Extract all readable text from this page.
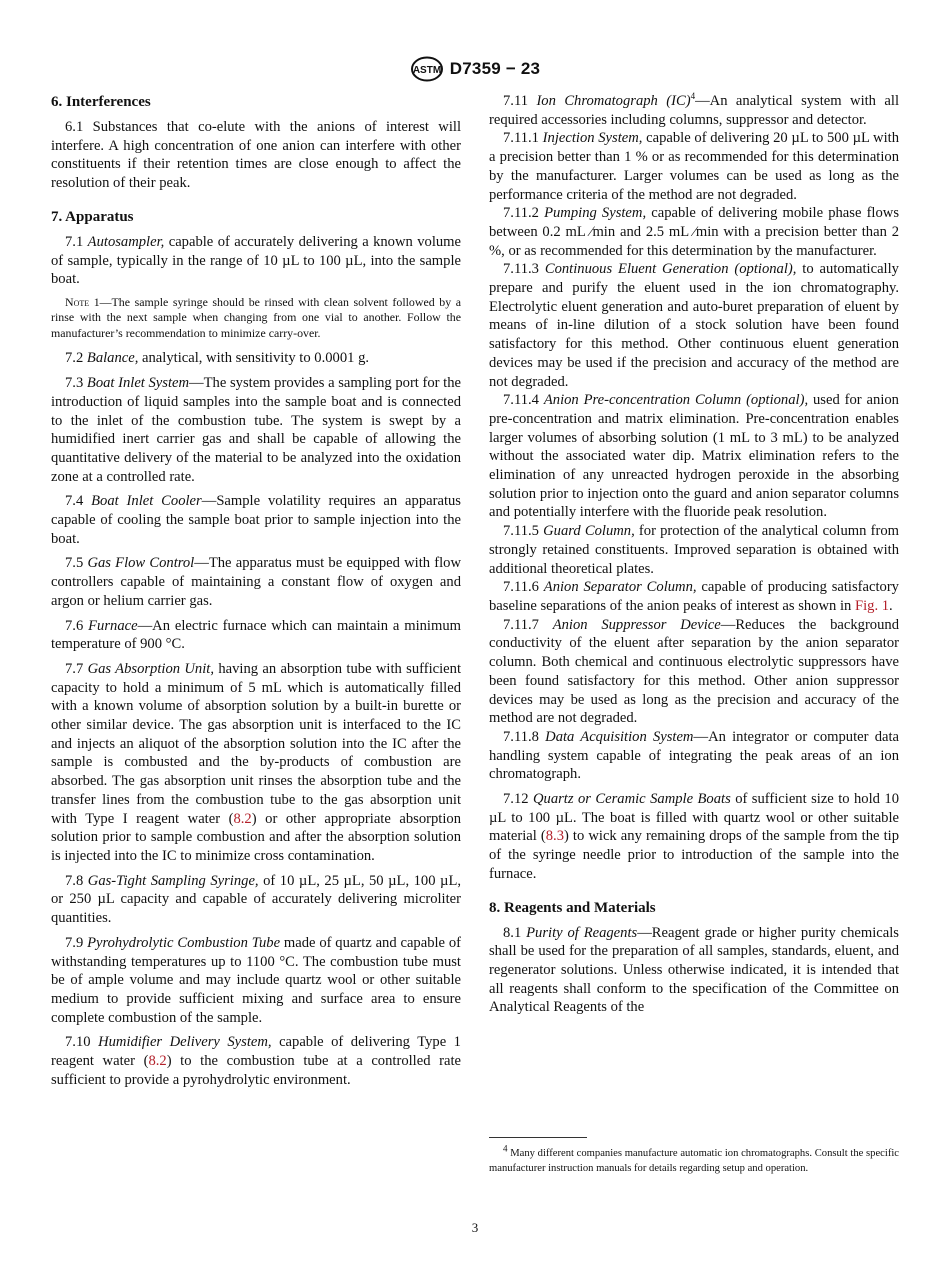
ASTM D7359 − 23
6. Interferences

6.1 Substances that co-elute with the anions of interest will interfere. A high concentration of one anion can interfere with other constituents if their retention times are close enough to affect the resolution of their peak.

7. Apparatus

7.1 Autosampler, capable of accurately delivering a known volume of sample, typically in the range of 10 µL to 100 µL, into the sample boat.

Note 1—The sample syringe should be rinsed with clean solvent followed by a rinse with the next sample when changing from one vial to another. Follow the manufacturer’s recommendation to minimize carry-over.

7.2 Balance, analytical, with sensitivity to 0.0001 g.

7.3 Boat Inlet System—The system provides a sampling port for the introduction of liquid samples into the sample boat and is connected to the inlet of the combustion tube. The system is swept by a humidified inert carrier gas and shall be capable of allowing the quantitative delivery of the material to be analyzed into the oxidation zone at a controlled rate.

7.4 Boat Inlet Cooler—Sample volatility requires an apparatus capable of cooling the sample boat prior to sample injection into the boat.

7.5 Gas Flow Control—The apparatus must be equipped with flow controllers capable of maintaining a constant flow of oxygen and argon or helium carrier gas.

7.6 Furnace—An electric furnace which can maintain a minimum temperature of 900 °C.

7.7 Gas Absorption Unit, having an absorption tube with sufficient capacity to hold a minimum of 5 mL which is automatically filled with a known volume of absorption solution by a built-in burette or other similar device. The gas absorption unit is interfaced to the IC and injects an aliquot of the absorption solution into the IC after the sample is combusted and the by-products of combustion are absorbed. The gas absorption unit rinses the absorption tube and the transfer lines from the combustion tube to the gas absorption unit with Type I reagent water (8.2) or other appropriate absorption solution prior to sample combustion and after the absorption solution is injected into the IC to minimize cross contamination.

7.8 Gas-Tight Sampling Syringe, of 10 µL, 25 µL, 50 µL, 100 µL, or 250 µL capacity and capable of accurately delivering microliter quantities.

7.9 Pyrohydrolytic Combustion Tube made of quartz and capable of withstanding temperatures up to 1100 °C. The combustion tube must be of ample volume and may include quartz wool or other suitable medium to provide sufficient mixing and surface area to ensure complete combustion of the sample.

7.10 Humidifier Delivery System, capable of delivering Type 1 reagent water (8.2) to the combustion tube at a controlled rate sufficient to provide a pyrohydrolytic environment.

7.11 Ion Chromatograph (IC)$^4$—An analytical system with all required accessories including columns, suppressor and detector.

7.11.1 Injection System, capable of delivering 20 µL to 500 µL with a precision better than 1 % or as recommended for this determination by the manufacturer. Larger volumes can be used as long as the performance criteria of the method are not degraded.

7.11.2 Pumping System, capable of delivering mobile phase flows between 0.2 mL ⁄min and 2.5 mL ⁄min with a precision better than 2 %, or as recommended for this determination by the manufacturer.

7.11.3 Continuous Eluent Generation (optional), to automatically prepare and purify the eluent used in the ion chromatography. Electrolytic eluent generation and auto-buret preparation of eluent by means of in-line dilution of a stock solution have been found satisfactory for this method. Other continuous eluent generation devices may be used if the precision and accuracy of the method are not degraded.

7.11.4 Anion Pre-concentration Column (optional), used for anion pre-concentration and matrix elimination. Pre-concentration enables larger volumes of absorbing solution (1 mL to 3 mL) to be analyzed without the associated water dip. Matrix elimination refers to the elimination of any unreacted hydrogen peroxide in the absorbing solution prior to injection onto the guard and anion separator columns and potentially interfere with the fluoride peak resolution.

7.11.5 Guard Column, for protection of the analytical column from strongly retained constituents. Improved separation is obtained with additional theoretical plates.

7.11.6 Anion Separator Column, capable of producing satisfactory baseline separations of the anion peaks of interest as shown in Fig. 1.

7.11.7 Anion Suppressor Device—Reduces the background conductivity of the eluent after separation by the anion separator column. Both chemical and continuous electrolytic suppressors have been found satisfactory for this method. Other anion suppressor devices may be used as long as the precision and accuracy of the method are not degraded.

7.11.8 Data Acquisition System—An integrator or computer data handling system capable of integrating the peak areas of an ion chromatograph.

7.12 Quartz or Ceramic Sample Boats of sufficient size to hold 10 µL to 100 µL. The boat is filled with quartz wool or other suitable material (8.3) to wick any remaining drops of the sample from the tip of the syringe needle prior to introduction of the sample into the furnace.

8. Reagents and Materials

8.1 Purity of Reagents—Reagent grade or higher purity chemicals shall be used for the preparation of all samples, standards, eluent, and regenerator solutions. Unless otherwise indicated, it is intended that all reagents shall conform to the specification of the Committee on Analytical Reagents of the

$^4$ Many different companies manufacture automatic ion chromatographs. Consult the specific manufacturer instruction manuals for details regarding setup and operation.
3
